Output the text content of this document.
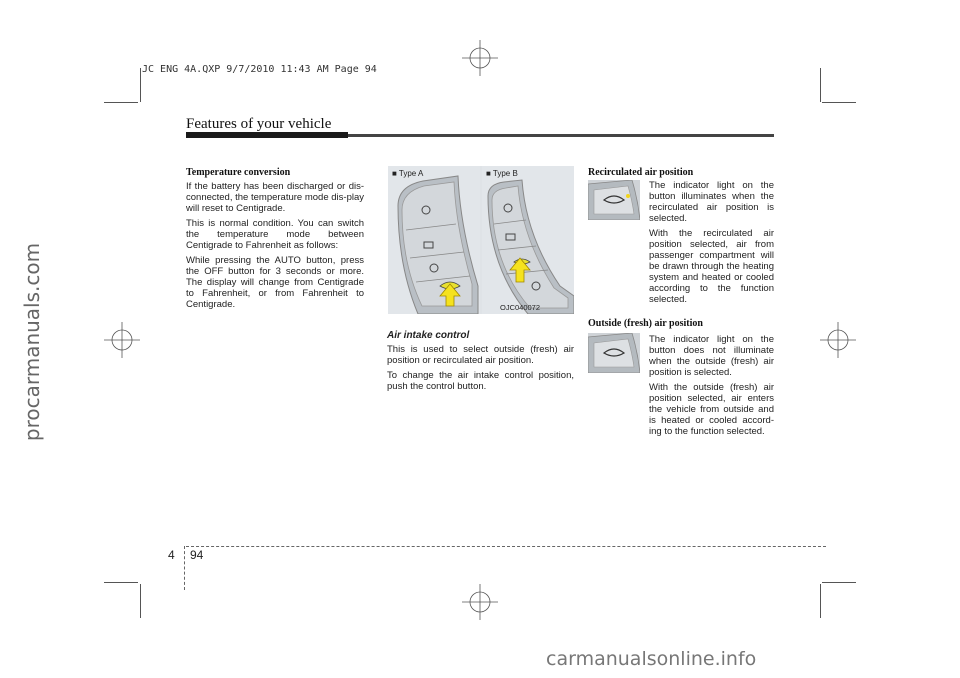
JC ENG 4A.QXP 9/7/2010 11:43 AM Page 94
procarmanuals.com
carmanualsonline.info
Features of your vehicle
Temperature conversion

If the battery has been discharged or dis-connected, the temperature mode dis-play will reset to Centigrade.

This is normal condition. You can switch the temperature mode between Centigrade to Fahrenheit as follows:

While pressing the AUTO button, press the OFF button for 3 seconds or more. The display will change from Centigrade to Fahrenheit, or from Fahrenheit to Centigrade.

■ Type A	■ Type B
OJC040072
Air intake control

This is used to select outside (fresh) air position or recirculated air position.

To change the air intake control position, push the control button.

Recirculated air position

The indicator light on the button illuminates when the recirculated air position is selected.

With the recirculated air position selected, air from passenger compartment will be drawn through the heating system and heated or cooled according to the function selected.

Outside (fresh) air position

The indicator light on the button does not illuminate when the outside (fresh) air position is selected.

With the outside (fresh) air position selected, air enters the vehicle from outside and is heated or cooled accord-ing to the function selected.

4 94
